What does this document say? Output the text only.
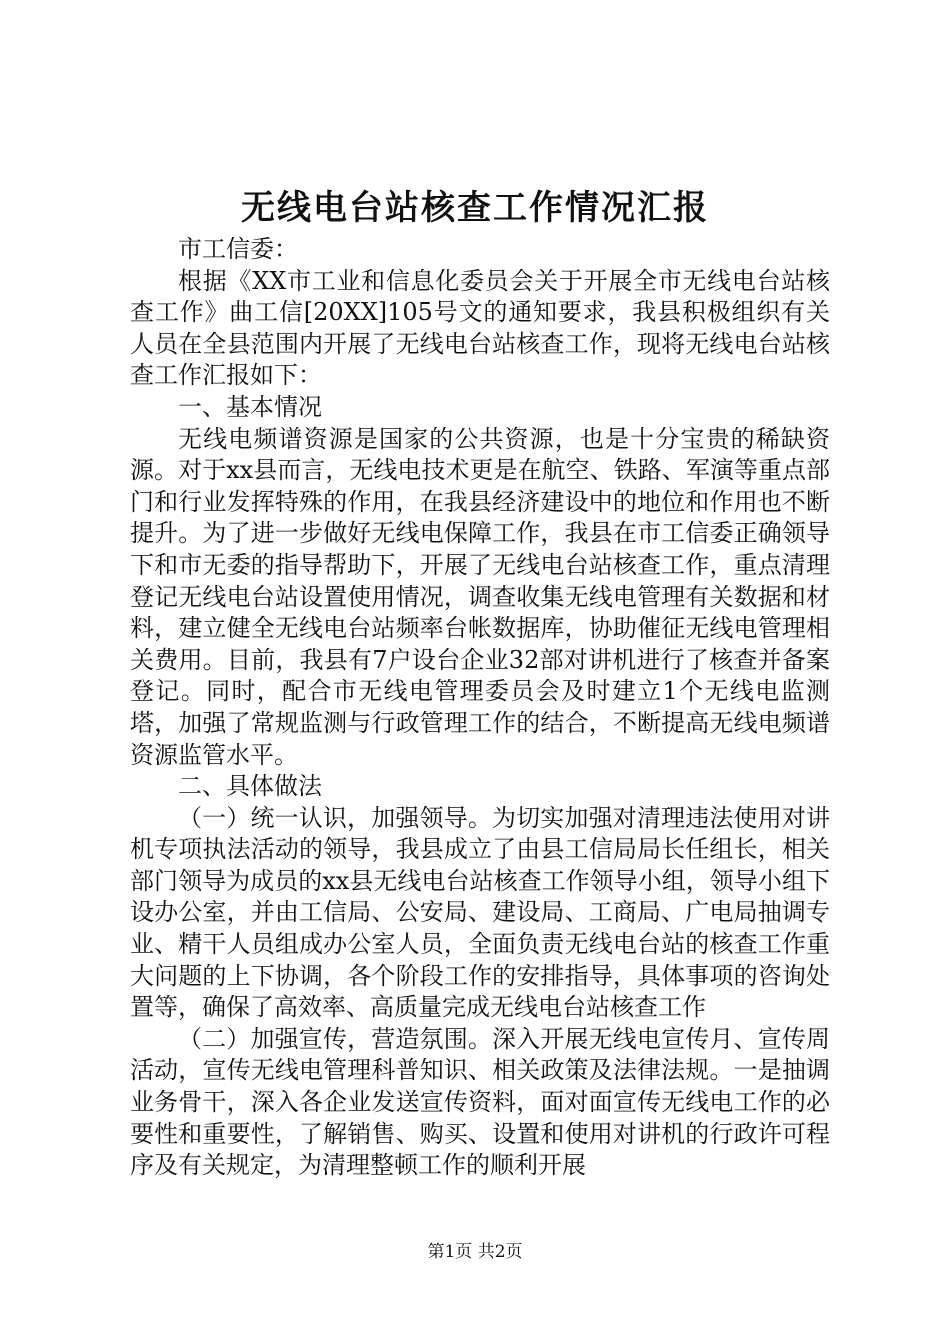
无线电台站核查工作情况汇报

市工信委：

根据《XX市工业和信息化委员会关于开展全市无线电台站核查工作》曲工信[20XX]105号文的通知要求，我县积极组织有关人员在全县范围内开展了无线电台站核查工作，现将无线电台站核查工作汇报如下：

一、基本情况

无线电频谱资源是国家的公共资源，也是十分宝贵的稀缺资源。对于xx县而言，无线电技术更是在航空、铁路、军演等重点部门和行业发挥特殊的作用，在我县经济建设中的地位和作用也不断提升。为了进一步做好无线电保障工作，我县在市工信委正确领导下和市无委的指导帮助下，开展了无线电台站核查工作，重点清理登记无线电台站设置使用情况，调查收集无线电管理有关数据和材料，建立健全无线电台站频率台帐数据库，协助催征无线电管理相关费用。目前，我县有7户设台企业32部对讲机进行了核查并备案登记。同时，配合市无线电管理委员会及时建立1个无线电监测塔，加强了常规监测与行政管理工作的结合，不断提高无线电频谱资源监管水平。

二、具体做法

（一）统一认识，加强领导。为切实加强对清理违法使用对讲机专项执法活动的领导，我县成立了由县工信局局长任组长，相关部门领导为成员的xx县无线电台站核查工作领导小组，领导小组下设办公室，并由工信局、公安局、建设局、工商局、广电局抽调专业、精干人员组成办公室人员，全面负责无线电台站的核查工作重大问题的上下协调，各个阶段工作的安排指导，具体事项的咨询处置等，确保了高效率、高质量完成无线电台站核查工作

（二）加强宣传，营造氛围。深入开展无线电宣传月、宣传周活动，宣传无线电管理科普知识、相关政策及法律法规。一是抽调业务骨干，深入各企业发送宣传资料，面对面宣传无线电工作的必要性和重要性，了解销售、购买、设置和使用对讲机的行政许可程序及有关规定，为清理整顿工作的顺利开展

第1页 共2页
